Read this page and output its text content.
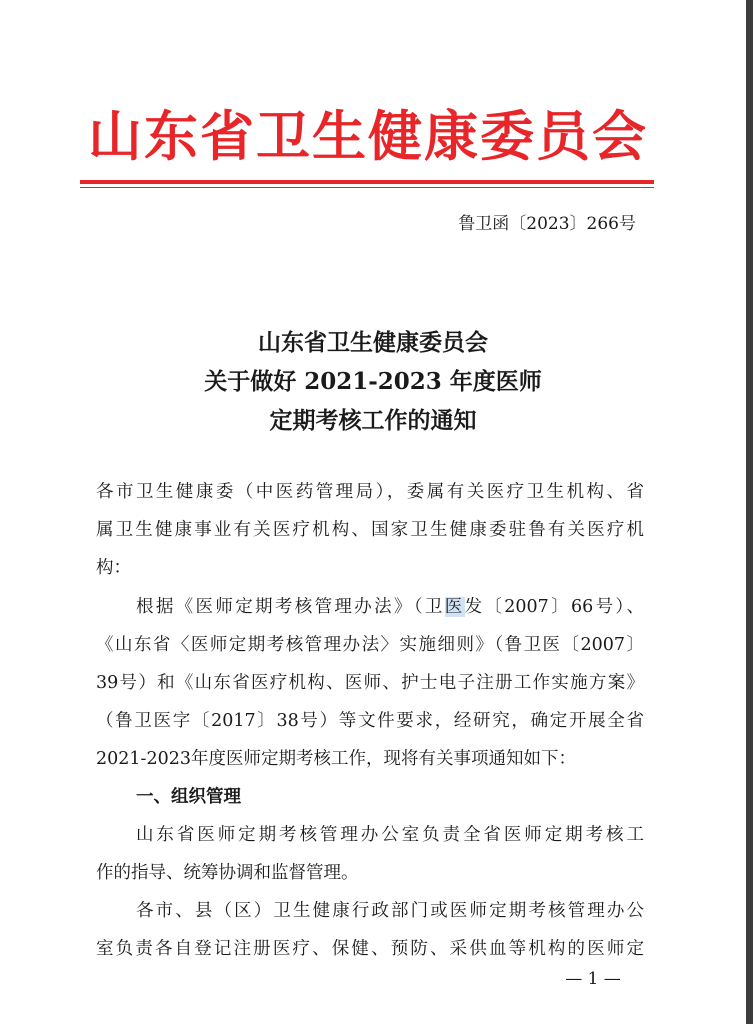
山东省卫生健康委员会
鲁卫函〔2023〕266号
山东省卫生健康委员会
关于做好 2021-2023 年度医师
定期考核工作的通知
各市卫生健康委（中医药管理局），委属有关医疗卫生机构、省
属卫生健康事业有关医疗机构、国家卫生健康委驻鲁有关医疗机
构：
根据《医师定期考核管理办法》（卫医发〔2007〕66号）、
《山东省〈医师定期考核管理办法〉实施细则》（鲁卫医〔2007〕
39号）和《山东省医疗机构、医师、护士电子注册工作实施方案》
（鲁卫医字〔2017〕38号）等文件要求，经研究，确定开展全省
2021-2023年度医师定期考核工作，现将有关事项通知如下：
一、组织管理
山东省医师定期考核管理办公室负责全省医师定期考核工
作的指导、统筹协调和监督管理。
各市、县（区）卫生健康行政部门或医师定期考核管理办公
室负责各自登记注册医疗、保健、预防、采供血等机构的医师定
— 1 —
